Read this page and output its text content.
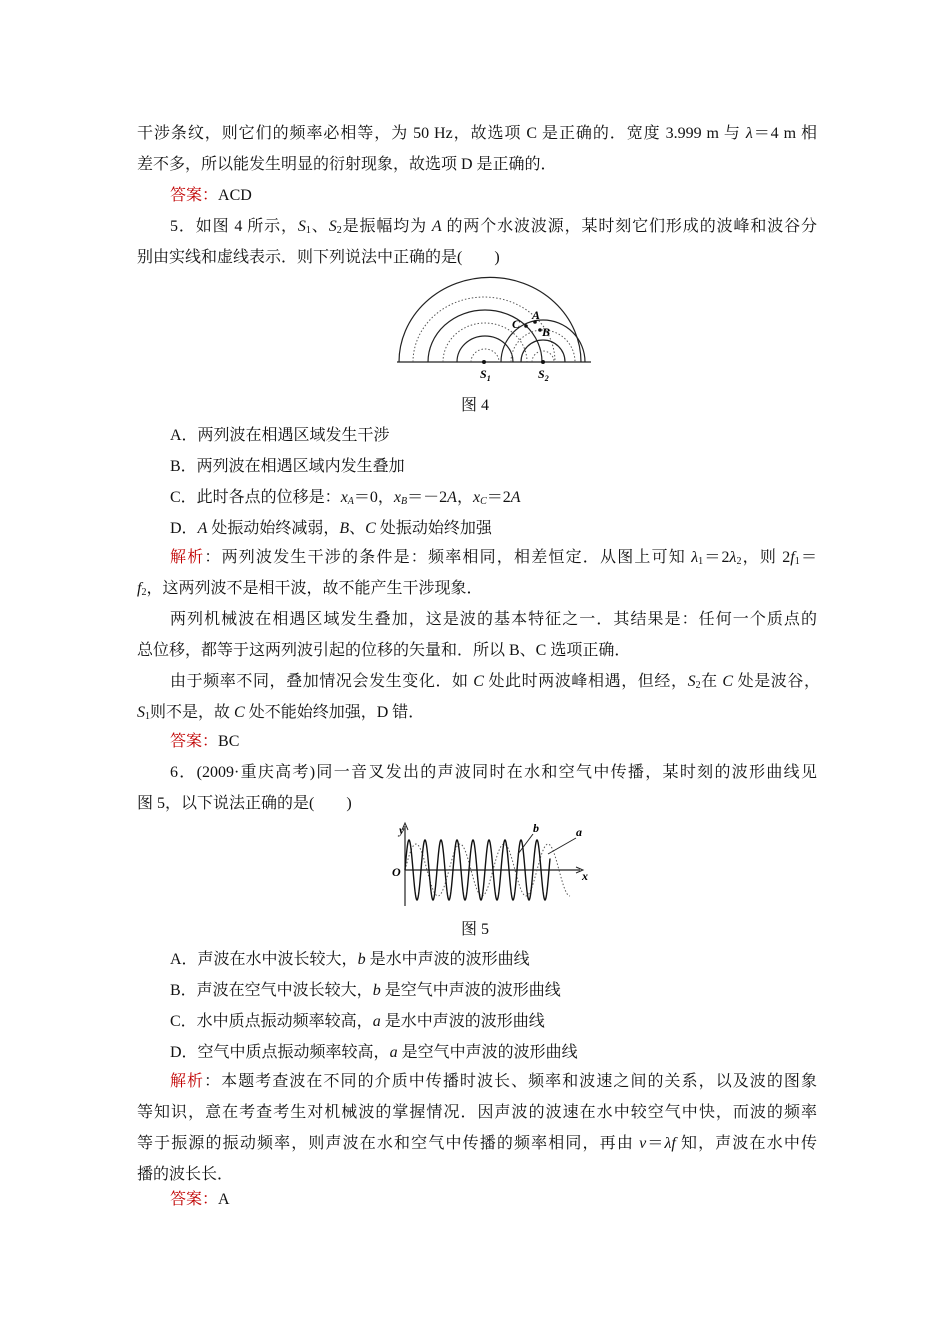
干涉条纹，则它们的频率必相等，为 50 Hz，故选项 C 是正确的．宽度 3.999 m 与 λ＝4 m 相
差不多，所以能发生明显的衍射现象，故选项 D 是正确的．
答案：ACD
5．如图 4 所示，$S_1$、$S_2$是振幅均为 A 的两个水波波源，某时刻它们形成的波峰和波谷分
别由实线和虚线表示．则下列说法中正确的是(　　)
A
B
C
$S_1$	$S_2$
图 4
A．两列波在相遇区域发生干涉
B．两列波在相遇区域内发生叠加
C．此时各点的位移是：$x_A=0$，$x_B=-2A$，$x_C=2A$
D．A 处振动始终减弱，B、C 处振动始终加强
解析：两列波发生干涉的条件是：频率相同，相差恒定．从图上可知 $\lambda_1=2\lambda_2$，则 $2f_1=$
$f_2$，这两列波不是相干波，故不能产生干涉现象．
两列机械波在相遇区域发生叠加，这是波的基本特征之一．其结果是：任何一个质点的
总位移，都等于这两列波引起的位移的矢量和．所以 B、C 选项正确．
由于频率不同，叠加情况会发生变化．如 C 处此时两波峰相遇，但经，$S_2$在 C 处是波谷，
$S_1$则不是，故 C 处不能始终加强，D 错．
答案：BC
6．(2009·重庆高考)同一音叉发出的声波同时在水和空气中传播，某时刻的波形曲线见
图 5，以下说法正确的是(　　)
y
x
O
b	a
图 5
A．声波在水中波长较大，b 是水中声波的波形曲线
B．声波在空气中波长较大，b 是空气中声波的波形曲线
C．水中质点振动频率较高，a 是水中声波的波形曲线
D．空气中质点振动频率较高，a 是空气中声波的波形曲线
解析：本题考查波在不同的介质中传播时波长、频率和波速之间的关系，以及波的图象
等知识，意在考查考生对机械波的掌握情况．因声波的波速在水中较空气中快，而波的频率
等于振源的振动频率，则声波在水和空气中传播的频率相同，再由 v＝λf 知，声波在水中传
播的波长长．
答案：A
